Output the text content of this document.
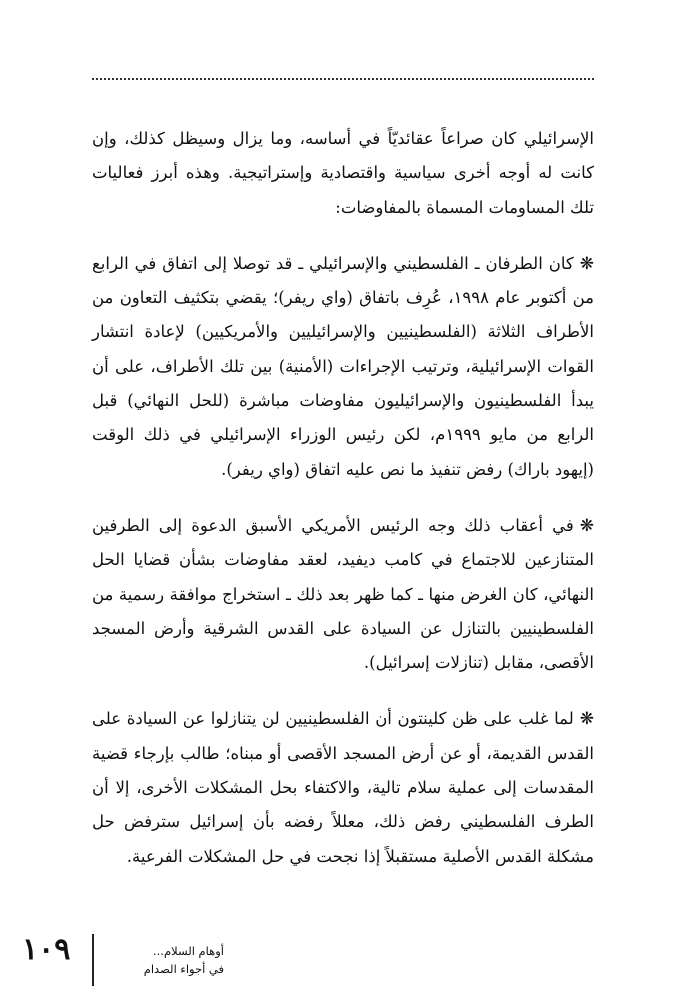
الإسرائيلي كان صراعاً عقائديّاً في أساسه، وما يزال وسيظل كذلك، وإن كانت له أوجه أخرى سياسية واقتصادية وإستراتيجية. وهذه أبرز فعاليات تلك المساومات المسماة بالمفاوضات:

❋كان الطرفان ـ الفلسطيني والإسرائيلي ـ قد توصلا إلى اتفاق في الرابع من أكتوبر عام ١٩٩٨، عُرِف باتفاق (واي ريفر)؛ يقضي بتكثيف التعاون من الأطراف الثلاثة (الفلسطينيين والإسرائيليين والأمريكيين) لإعادة انتشار القوات الإسرائيلية، وترتيب الإجراءات (الأمنية) بين تلك الأطراف، على أن يبدأ الفلسطينيون والإسرائيليون مفاوضات مباشرة (للحل النهائي) قبل الرابع من مايو ١٩٩٩م، لكن رئيس الوزراء الإسرائيلي في ذلك الوقت (إيهود باراك) رفض تنفيذ ما نص عليه اتفاق (واي ريفر).

❋في أعقاب ذلك وجه الرئيس الأمريكي الأسبق الدعوة إلى الطرفين المتنازعين للاجتماع في كامب ديفيد، لعقد مفاوضات بشأن قضايا الحل النهائي، كان الغرض منها ـ كما ظهر بعد ذلك ـ استخراج موافقة رسمية من الفلسطينيين بالتنازل عن السيادة على القدس الشرقية وأرض المسجد الأقصى، مقابل (تنازلات إسرائيل).

❋لما غلب على ظن كلينتون أن الفلسطينيين لن يتنازلوا عن السيادة على القدس القديمة، أو عن أرض المسجد الأقصى أو مبناه؛ طالب بإرجاء قضية المقدسات إلى عملية سلام تالية، والاكتفاء بحل المشكلات الأخرى، إلا أن الطرف الفلسطيني رفض ذلك، معللاً رفضه بأن إسرائيل سترفض حل مشكلة القدس الأصلية مستقبلاً إذا نجحت في حل المشكلات الفرعية.

١٠٩	أوهام السلام...
في أجواء الصدام
